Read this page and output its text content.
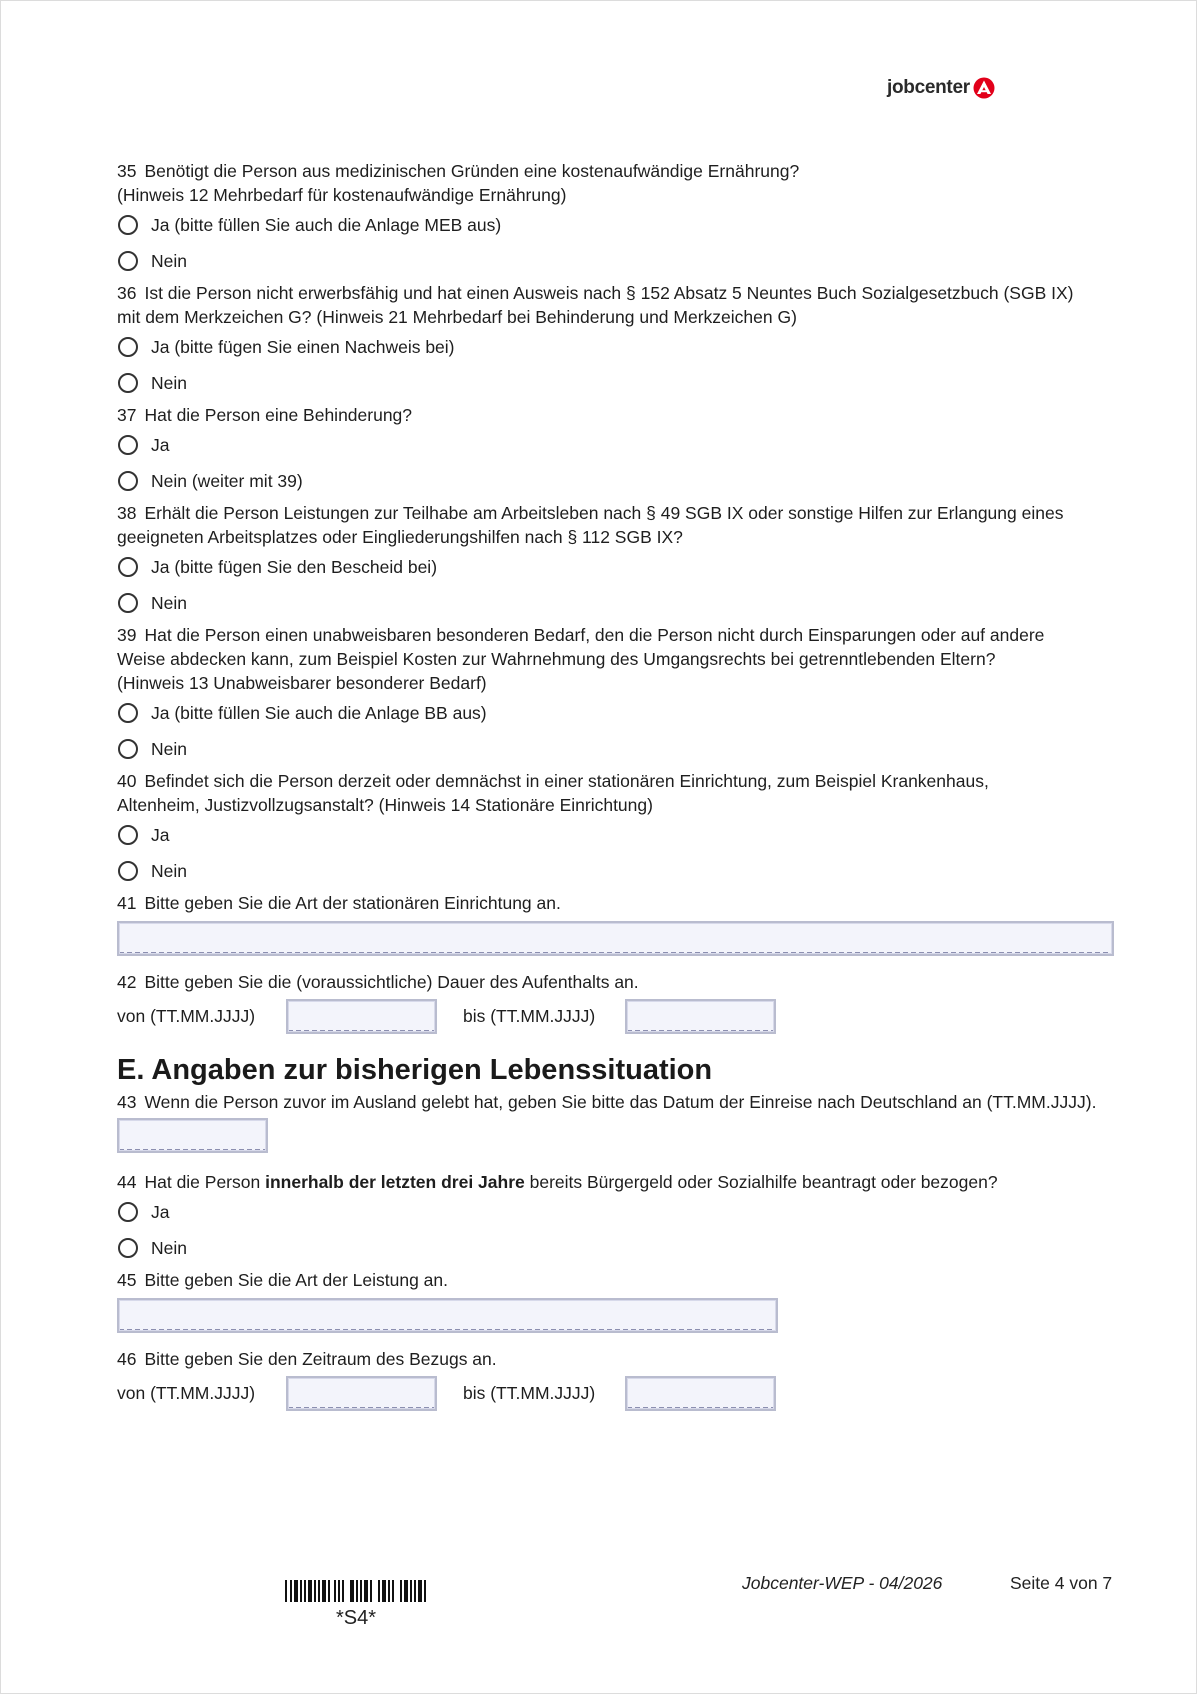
jobcenter

35 Benötigt die Person aus medizinischen Gründen eine kostenaufwändige Ernährung?

(Hinweis 12 Mehrbedarf für kostenaufwändige Ernährung)

Ja (bitte füllen Sie auch die Anlage MEB aus)
Nein

36 Ist die Person nicht erwerbsfähig und hat einen Ausweis nach § 152 Absatz 5 Neuntes Buch Sozialgesetzbuch (SGB IX)

mit dem Merkzeichen G? (Hinweis 21 Mehrbedarf bei Behinderung und Merkzeichen G)

Ja (bitte fügen Sie einen Nachweis bei)
Nein

37 Hat die Person eine Behinderung?

Ja
Nein (weiter mit 39)

38 Erhält die Person Leistungen zur Teilhabe am Arbeitsleben nach § 49 SGB IX oder sonstige Hilfen zur Erlangung eines

geeigneten Arbeitsplatzes oder Eingliederungshilfen nach § 112 SGB IX?

Ja (bitte fügen Sie den Bescheid bei)
Nein

39 Hat die Person einen unabweisbaren besonderen Bedarf, den die Person nicht durch Einsparungen oder auf andere

Weise abdecken kann, zum Beispiel Kosten zur Wahrnehmung des Umgangsrechts bei getrenntlebenden Eltern?

(Hinweis 13 Unabweisbarer besonderer Bedarf)

Ja (bitte füllen Sie auch die Anlage BB aus)
Nein

40 Befindet sich die Person derzeit oder demnächst in einer stationären Einrichtung, zum Beispiel Krankenhaus,

Altenheim, Justizvollzugsanstalt? (Hinweis 14 Stationäre Einrichtung)

Ja
Nein

41 Bitte geben Sie die Art der stationären Einrichtung an.

42 Bitte geben Sie die (voraussichtliche) Dauer des Aufenthalts an.

von (TT.MM.JJJJ)	bis (TT.MM.JJJJ)
E. Angaben zur bisherigen Lebenssituation

43 Wenn die Person zuvor im Ausland gelebt hat, geben Sie bitte das Datum der Einreise nach Deutschland an (TT.MM.JJJJ).

44 Hat die Person innerhalb der letzten drei Jahre bereits Bürgergeld oder Sozialhilfe beantragt oder bezogen?

Ja
Nein

45 Bitte geben Sie die Art der Leistung an.

46 Bitte geben Sie den Zeitraum des Bezugs an.

von (TT.MM.JJJJ)	bis (TT.MM.JJJJ)
*S4*
Jobcenter-WEP - 04/2026	Seite 4 von 7
